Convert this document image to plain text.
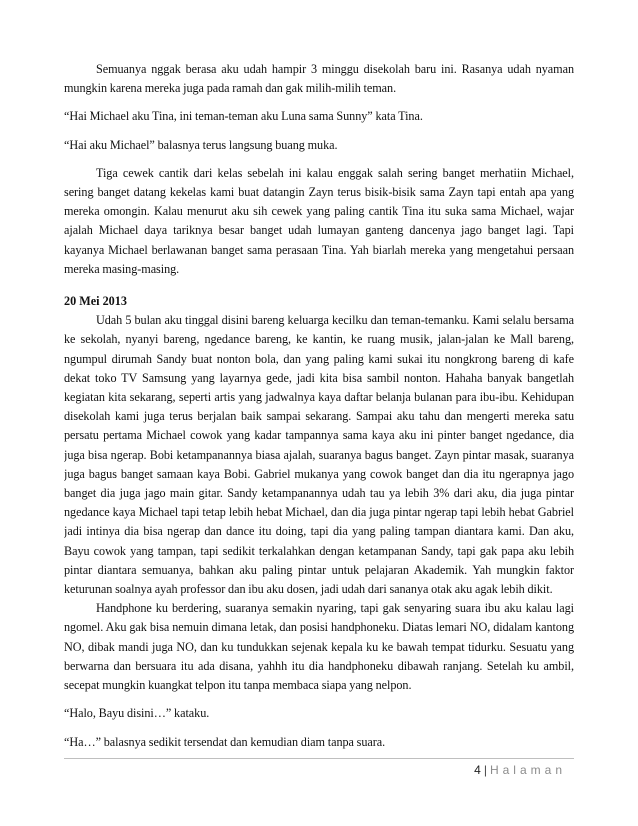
Semuanya nggak berasa aku udah hampir 3 minggu disekolah baru ini. Rasanya udah nyaman mungkin karena mereka juga pada ramah dan gak milih-milih teman.

“Hai Michael aku Tina, ini teman-teman aku Luna sama Sunny” kata Tina.

“Hai aku Michael” balasnya terus langsung buang muka.

Tiga cewek cantik dari kelas sebelah ini kalau enggak salah sering banget merhatiin Michael, sering banget datang kekelas kami buat datangin Zayn terus bisik-bisik sama Zayn tapi entah apa yang mereka omongin. Kalau menurut aku sih cewek yang paling cantik Tina itu suka sama Michael, wajar ajalah Michael daya tariknya besar banget udah lumayan ganteng dancenya jago banget lagi. Tapi kayanya Michael berlawanan banget sama perasaan Tina. Yah biarlah mereka yang mengetahui persaan mereka masing-masing.

20 Mei 2013

Udah 5 bulan aku tinggal disini bareng keluarga kecilku dan teman-temanku. Kami selalu bersama ke sekolah, nyanyi bareng, ngedance bareng, ke kantin, ke ruang musik, jalan-jalan ke Mall bareng, ngumpul dirumah Sandy buat nonton bola, dan yang paling kami sukai itu nongkrong bareng di kafe dekat toko TV Samsung yang layarnya gede, jadi kita bisa sambil nonton. Hahaha banyak bangetlah kegiatan kita sekarang, seperti artis yang jadwalnya kaya daftar belanja bulanan para ibu-ibu. Kehidupan disekolah kami juga terus berjalan baik sampai sekarang. Sampai aku tahu dan mengerti mereka satu persatu pertama Michael cowok yang kadar tampannya sama kaya aku ini pinter banget ngedance, dia juga bisa ngerap. Bobi ketampanannya biasa ajalah, suaranya bagus banget. Zayn pintar masak, suaranya juga bagus banget samaan kaya Bobi. Gabriel mukanya yang cowok banget dan dia itu ngerapnya jago banget dia juga jago main gitar. Sandy ketampanannya udah tau ya lebih 3% dari aku, dia juga pintar ngedance kaya Michael tapi tetap lebih hebat Michael, dan dia juga pintar ngerap tapi lebih hebat Gabriel jadi intinya dia bisa ngerap dan dance itu doing, tapi dia yang paling tampan diantara kami. Dan aku, Bayu cowok yang tampan, tapi sedikit terkalahkan dengan ketampanan Sandy, tapi gak papa aku lebih pintar diantara semuanya, bahkan aku paling pintar untuk pelajaran Akademik. Yah mungkin faktor keturunan soalnya ayah professor dan ibu aku dosen, jadi udah dari sananya otak aku agak lebih dikit.

Handphone ku berdering, suaranya semakin nyaring, tapi gak senyaring suara ibu aku kalau lagi ngomel. Aku gak bisa nemuin dimana letak, dan posisi handphoneku. Diatas lemari NO, didalam kantong NO, dibak mandi juga NO, dan ku tundukkan sejenak kepala ku ke bawah tempat tidurku. Sesuatu yang berwarna dan bersuara itu ada disana, yahhh itu dia handphoneku dibawah ranjang. Setelah ku ambil, secepat mungkin kuangkat telpon itu tanpa membaca siapa yang nelpon.

“Halo, Bayu disini…” kataku.

“Ha…” balasnya sedikit tersendat dan kemudian diam tanpa suara.

4 | Halaman
